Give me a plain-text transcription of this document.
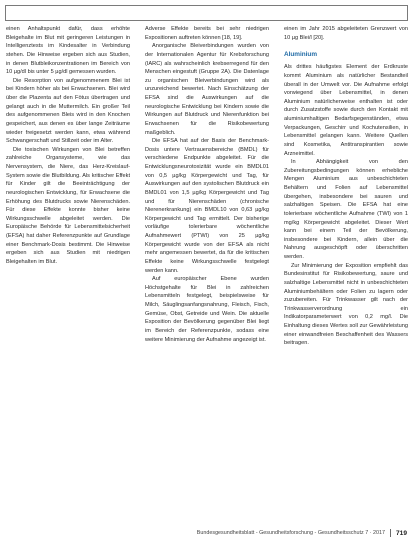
einen Anhaltspunkt dafür, dass erhöhte Bleigehalte im Blut mit geringeren Leistungen in Intelligenztests im Kindesalter in Verbindung stehen. Die Hinweise ergeben sich aus Studien, in denen Blutbleikonzentrationen im Bereich von 10 µg/dl bis unter 5 µg/dl gemessen wurden.

Die Resorption von aufgenommenem Blei ist bei Kindern höher als bei Erwachsenen. Blei wird über die Plazenta auf den Fötus übertragen und gelangt auch in die Muttermilch. Ein großer Teil des aufgenommenen Bleis wird in den Knochen gespeichert, aus denen es über lange Zeiträume wieder freigesetzt werden kann, etwa während Schwangerschaft und Stillzeit oder im Alter.

Die toxischen Wirkungen von Blei betreffen zahlreiche Organsysteme, wie das Nervensystem, die Niere, das Herz-Kreislauf-System sowie die Blutbildung. Als kritischer Effekt für Kinder gilt die Beeinträchtigung der neurologischen Entwicklung, für Erwachsene die Erhöhung des Blutdrucks sowie Nierenschäden. Für diese Effekte konnte bisher keine Wirkungsschwelle abgeleitet werden. Die Europäische Behörde für Lebensmittelsicherheit (EFSA) hat daher Referenzpunkte auf Grundlage einer Benchmark-Dosis bestimmt. Die Hinweise ergeben sich aus Studien mit niedrigen Bleigehalten im Blut.

Adverse Effekte bereits bei sehr niedrigen Expositionen auftreten können [18, 19].

Anorganische Bleiverbindungen wurden von der Internationalen Agentur für Krebsforschung (IARC) als wahrscheinlich krebserregend für den Menschen eingestuft (Gruppe 2A). Die Datenlage zu organischen Bleiverbindungen wird als unzureichend bewertet. Nach Einschätzung der EFSA sind die Auswirkungen auf die neurologische Entwicklung bei Kindern sowie die Wirkungen auf Blutdruck und Nierenfunktion bei Erwachsenen für die Risikobewertung maßgeblich.

Die EFSA hat auf der Basis der Benchmark-Dosis untere Vertrauensbereiche (BMDL) für verschiedene Endpunkte abgeleitet. Für die Entwicklungsneurotoxizität wurde ein BMDL01 von 0,5 µg/kg Körpergewicht und Tag, für Auswirkungen auf den systolischen Blutdruck ein BMDL01 von 1,5 µg/kg Körpergewicht und Tag und für Nierenschäden (chronische Nierenerkrankung) ein BMDL10 von 0,63 µg/kg Körpergewicht und Tag ermittelt. Der bisherige vorläufige tolerierbare wöchentliche Aufnahmewert (PTWI) von 25 µg/kg Körpergewicht wurde von der EFSA als nicht mehr angemessen bewertet, da für die kritischen Effekte keine Wirkungsschwelle festgelegt werden kann.

Auf europäischer Ebene wurden Höchstgehalte für Blei in zahlreichen Lebensmitteln festgelegt, beispielsweise für Milch, Säuglingsanfangsnahrung, Fleisch, Fisch, Gemüse, Obst, Getreide und Wein. Die aktuelle Exposition der Bevölkerung gegenüber Blei liegt im Bereich der Referenzpunkte, sodass eine weitere Minimierung der Aufnahme angezeigt ist.

einen im Jahr 2015 abgeleiteten Grenzwert von 10 µg Blei/l [20].

Aluminium

Als drittes häufigstes Element der Erdkruste kommt Aluminium als natürlicher Bestandteil überall in der Umwelt vor. Die Aufnahme erfolgt vorwiegend über Lebensmittel, in denen Aluminium natürlicherweise enthalten ist oder durch Zusatzstoffe sowie durch den Kontakt mit aluminiumhaltigen Bedarfsgegenständen, etwa Verpackungen, Geschirr und Kochutensilien, in Lebensmittel gelangen kann. Weitere Quellen sind Kosmetika, Antitranspirantien sowie Arzneimittel.

In Abhängigkeit von den Zubereitungsbedingungen können erhebliche Mengen Aluminium aus unbeschichteten Behältern und Folien auf Lebensmittel übergehen, insbesondere bei sauren und salzhaltigen Speisen. Die EFSA hat eine tolerierbare wöchentliche Aufnahme (TWI) von 1 mg/kg Körpergewicht abgeleitet. Dieser Wert kann bei einem Teil der Bevölkerung, insbesondere bei Kindern, allein über die Nahrung ausgeschöpft oder überschritten werden.

Zur Minimierung der Exposition empfiehlt das Bundesinstitut für Risikobewertung, saure und salzhaltige Lebensmittel nicht in unbeschichteten Aluminiumbehältern oder Folien zu lagern oder zuzubereiten. Für Trinkwasser gilt nach der Trinkwasserverordnung ein Indikatorparameterwert von 0,2 mg/l. Die Einhaltung dieses Wertes soll zur Gewährleistung einer einwandfreien Beschaffenheit des Wassers beitragen.

Bundesgesundheitsblatt - Gesundheitsforschung - Gesundheitsschutz 7 · 2017 719
